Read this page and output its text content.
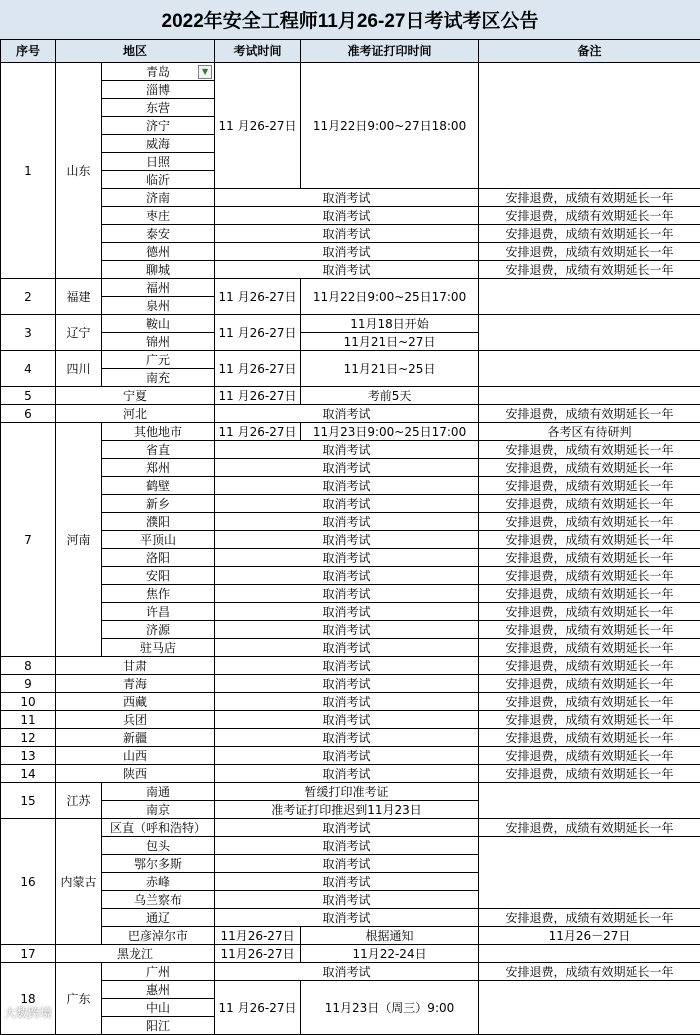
2022年安全工程师11月26-27日考试考区公告
序号	地区		考试时间	准考证打印时间	备注
1	山东	青岛 ▼	11 月26-27日	11月22日9:00~27日18:00	
		淄博			
		东营			
		济宁			
		威海			
		日照			
		临沂			
		济南	取消考试		安排退费，成绩有效期延长一年
		枣庄	取消考试		安排退费，成绩有效期延长一年
		泰安	取消考试		安排退费，成绩有效期延长一年
		德州	取消考试		安排退费，成绩有效期延长一年
		聊城	取消考试		安排退费，成绩有效期延长一年
2	福建	福州	11 月26-27日	11月22日9:00~25日17:00	
		泉州			
3	辽宁	鞍山	11 月26-27日	11月18日开始	
		锦州		11月21日~27日	
4	四川	广元	11 月26-27日	11月21日~25日	
		南充			
5	宁夏		11 月26-27日	考前5天	
6	河北		取消考试		安排退费，成绩有效期延长一年
7	河南	其他地市	11 月26-27日	11月23日9:00~25日17:00	各考区有待研判
		省直	取消考试		安排退费，成绩有效期延长一年
		郑州	取消考试		安排退费，成绩有效期延长一年
		鹤壁	取消考试		安排退费，成绩有效期延长一年
		新乡	取消考试		安排退费，成绩有效期延长一年
		濮阳	取消考试		安排退费，成绩有效期延长一年
		平顶山	取消考试		安排退费，成绩有效期延长一年
		洛阳	取消考试		安排退费，成绩有效期延长一年
		安阳	取消考试		安排退费，成绩有效期延长一年
		焦作	取消考试		安排退费，成绩有效期延长一年
		许昌	取消考试		安排退费，成绩有效期延长一年
		济源	取消考试		安排退费，成绩有效期延长一年
		驻马店	取消考试		安排退费，成绩有效期延长一年
8	甘肃		取消考试		安排退费，成绩有效期延长一年
9	青海		取消考试		安排退费，成绩有效期延长一年
10	西藏		取消考试		安排退费，成绩有效期延长一年
11	兵团		取消考试		安排退费，成绩有效期延长一年
12	新疆		取消考试		安排退费，成绩有效期延长一年
13	山西		取消考试		安排退费，成绩有效期延长一年
14	陕西		取消考试		安排退费，成绩有效期延长一年
15	江苏	南通	暂缓打印准考证		
		南京	准考证打印推迟到11月23日		
16	内蒙古	区直（呼和浩特）	取消考试		安排退费，成绩有效期延长一年
		包头	取消考试		
		鄂尔多斯	取消考试		
		赤峰	取消考试		
		乌兰察布	取消考试		
		通辽	取消考试		安排退费，成绩有效期延长一年
		巴彦淖尔市	11月26-27日	根据通知	11月26－27日
17	黑龙江		11月26-27日	11月22-24日	
18	广东	广州	取消考试		安排退费，成绩有效期延长一年
		惠州	11 月26-27日	11月23日（周三）9:00	
		中山			
		阳江			
大数跨境
